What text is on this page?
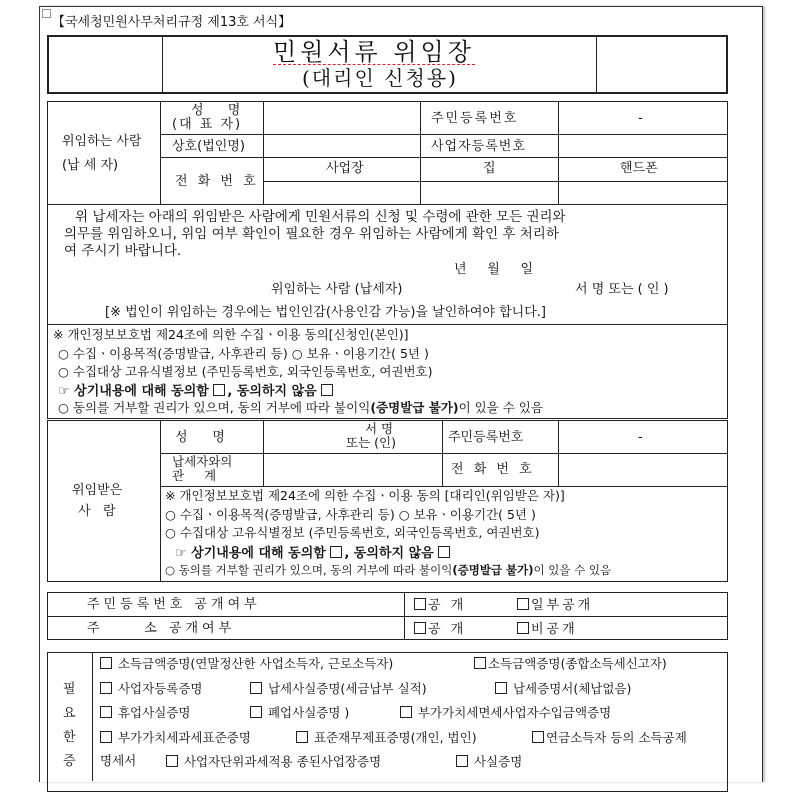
【국세청민원사무처리규정 제13호 서식】
민원서류 위임장
(대리인 신청용)
위임하는 사람
(납 세 자)
성 명
(대 표 자)	주민등록번호	-
상호(법인명)	사업자등록번호
전 화 번 호
사업장	집	핸드폰
위 납세자는 아래의 위임받은 사람에게 민원서류의 신청 및 수령에 관한 모든 권리와
의무를 위임하오니, 위임 여부 확인이 필요한 경우 위임하는 사람에게 확인 후 처리하
여 주시기 바랍니다.
년     월     일
위임하는 사람 (납세자)	서 명 또는 ( 인 )
[※ 법인이 위임하는 경우에는 법인인감(사용인감 가능)을 날인하여야 합니다.]
※ 개인정보보호법 제24조에 의한 수집ㆍ이용 동의[신청인(본인)]
○ 수집ㆍ이용목적(증명발급, 사후관리 등) ○ 보유ㆍ이용기간( 5년 )
○ 수집대상 고유식별정보 (주민등록번호, 외국인등록번호, 여권번호)
☞ 상기내용에 대해 동의함 , 동의하지 않음
○ 동의를 거부할 권리가 있으며, 동의 거부에 따라 불이익(증명발급 불가)이 있을 수 있음
위임받은
사   람
성      명
서 명
또는 (인)	주민등록번호	-
납세자와의
관     계	전 화 번 호
※ 개인정보보호법 제24조에 의한 수집ㆍ이용 동의 [대리인(위임받은 자)]
○ 수집ㆍ이용목적(증명발급, 사후관리 등) ○ 보유ㆍ이용기간( 5년 )
○ 수집대상 고유식별정보 (주민등록번호, 외국인등록번호, 여권번호)
☞ 상기내용에 대해 동의함 , 동의하지 않음
○ 동의를 거부할 권리가 있으며, 동의 거부에 따라 불이익(증명발급 불가)이 있을 수 있음
주민등록번호 공개여부	공 개	일부공개
주     소 공개여부	공 개	비공개
필
요
한
증
소득금액증명(연말정산한 사업소득자, 근로소득자)	소득금액증명(종합소득세신고자)
사업자등록증명	납세사실증명(세금납부 실적)	납세증명서(체납없음)
휴업사실증명	폐업사실증명 )	부가가치세면세사업자수입금액증명
부가가치세과세표준증명	표준재무제표증명(개인, 법인)	연금소득자 등의 소득공제
명세서	사업자단위과세적용 종된사업장증명	사실증명
